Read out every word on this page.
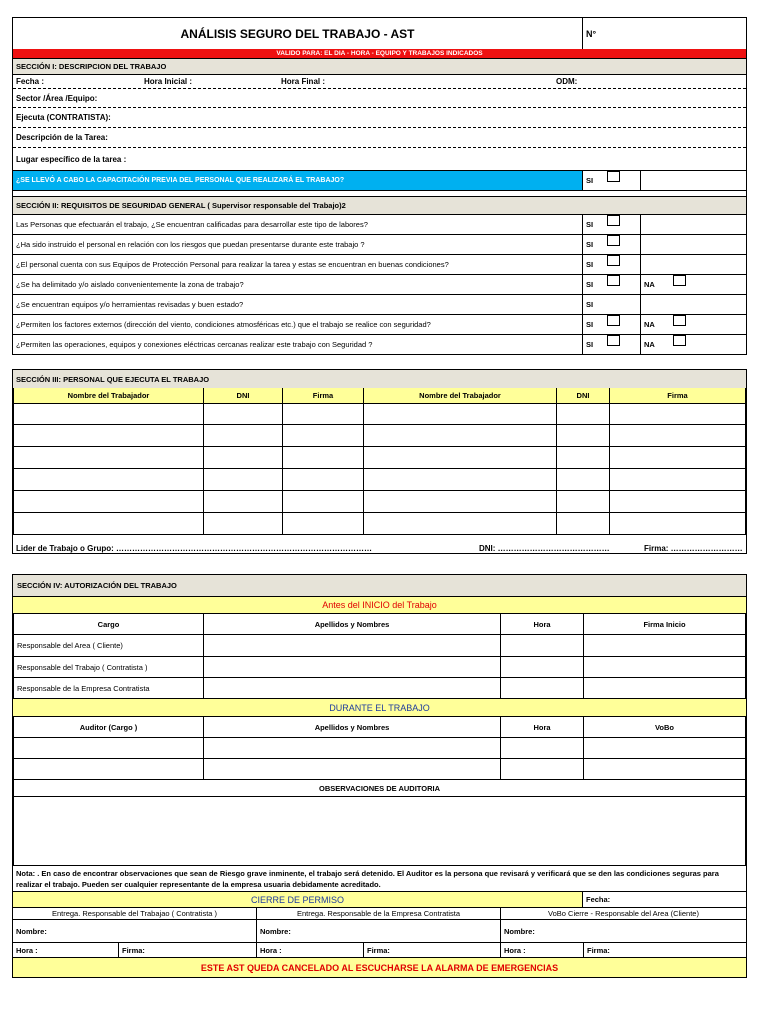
ANÁLISIS SEGURO DEL TRABAJO - AST	N°
VALIDO PARA: EL DIA - HORA - EQUIPO Y TRABAJOS INDICADOS
SECCIÓN I: DESCRIPCION DEL TRABAJO
Fecha :	Hora Inicial :	Hora Final :	ODM:
Sector /Área /Equipo:
Ejecuta (CONTRATISTA):
Descripción de la Tarea:
Lugar específico de la tarea :
¿SE LLEVÓ A CABO LA CAPACITACIÓN PREVIA DEL PERSONAL QUE REALIZARÁ EL TRABAJO?	SI
SECCIÓN II: REQUISITOS DE SEGURIDAD GENERAL ( Supervisor responsable del Trabajo)2
Las Personas que efectuarán el trabajo, ¿Se encuentran calificadas para desarrollar este tipo de labores?	SI
¿Ha sido instruido el personal en relación con los riesgos que puedan presentarse durante este trabajo ?	SI
¿El personal cuenta con sus Equipos de Protección Personal para realizar la tarea y estas se encuentran en buenas condiciones?	SI
¿Se ha delimitado y/o aislado convenientemente la zona de trabajo?	SI	NA
¿Se encuentran equipos y/o herramientas revisadas y buen estado?	SI
¿Permiten los factores externos (dirección del viento, condiciones atmosféricas etc.) que el trabajo se realice con seguridad?	SI	NA
¿Permiten las operaciones, equipos y conexiones eléctricas cercanas realizar este trabajo con Seguridad ?	SI	NA
SECCIÓN III: PERSONAL QUE EJECUTA EL TRABAJO
Nombre del Trabajador	DNI	Firma	Nombre del Trabajador	DNI	Firma

Lider de Trabajo o Grupo: ……………………………………………………………………………………	DNI: ……………………………………	Firma: ………………………
SECCIÓN IV: AUTORIZACIÓN DEL TRABAJO
Antes del INICIO del Trabajo
Cargo	Apellidos y Nombres	Hora	Firma Inicio
Responsable del Area ( Cliente)			
Responsable del Trabajo ( Contratista )			
Responsable de la Empresa Contratista			
DURANTE EL TRABAJO
Auditor (Cargo )	Apellidos y Nombres	Hora	VoBo

OBSERVACIONES DE AUDITORIA			

Nota: . En caso de encontrar observaciones que sean de Riesgo grave inminente, el trabajo será detenido. El Auditor es la persona que revisará y verificará que se den las condiciones seguras para realizar el trabajo. Pueden ser cualquier representante de la empresa usuaria debidamente acreditado.
CIERRE DE PERMISO	Fecha:
Entrega. Responsable del Trabajao ( Contratista )	Entrega. Responsable de la Empresa Contratista	VoBo Cierre - Responsable del Area (Cliente)
Nombre:	Nombre:	Nombre:
Hora :	Firma:	Hora :	Firma:	Hora :	Firma:
ESTE AST QUEDA CANCELADO AL ESCUCHARSE LA ALARMA DE EMERGENCIAS
